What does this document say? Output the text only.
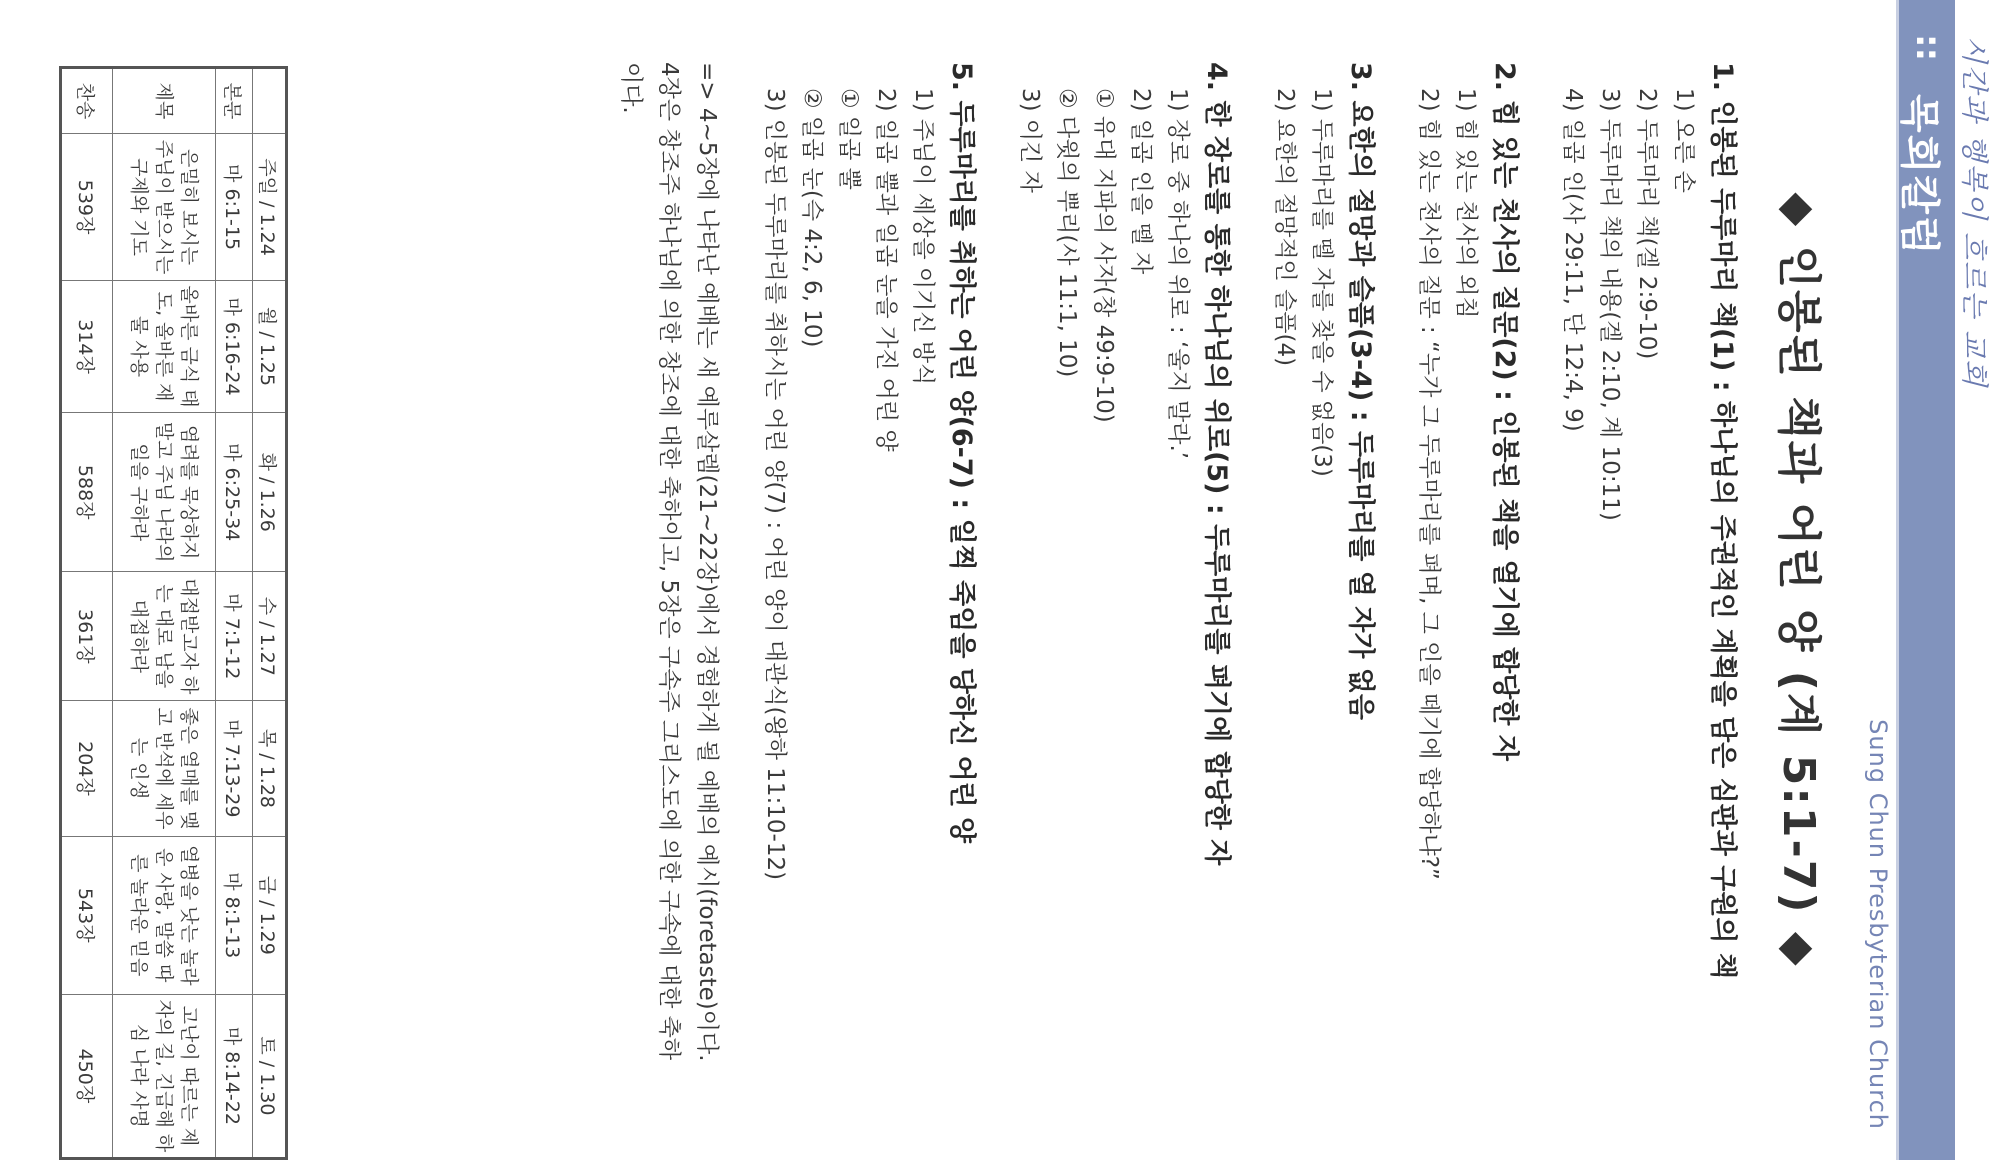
시간과 행복이 흐르는 교회
::
목회칼럼
Sung Chun Presbyterian Church
◆ 인봉된 책과 어린 양 (계 5:1-7) ◆
1. 인봉된 두루마리 책(1) : 하나님의 주권적인 계획을 담은 심판과 구원의 책
1) 오른 손
2) 두루마리 책(겔 2:9-10)
3) 두루마리 책의 내용(겔 2:10, 계 10:11)
4) 일곱 인(사 29:11, 단 12:4, 9)
2. 힘 있는 천사의 질문(2) : 인봉된 책을 열기에 합당한 자
1) 힘 있는 천사의 외침
2) 힘 있는 천사의 질문 : “누가 그 두루마리를 펴며, 그 인을 떼기에 합당하냐?”
3. 요한의 절망과 슬픔(3-4) : 두루마리를 열 자가 없음
1) 두루마리를 뗄 자를 찾을 수 없음(3)
2) 요한의 절망적인 슬픔(4)
4. 한 장로를 통한 하나님의 위로(5) : 두루마리를 펴기에 합당한 자
1) 장로 중 하나의 위로 : ‘울지 말라.’
2) 일곱 인을 뗄 자
① 유대 지파의 사자(창 49:9-10)
② 다윗의 뿌리(사 11:1, 10)
3) 이긴 자
5. 두루마리를 취하는 어린 양(6-7) : 일찍 죽임을 당하신 어린 양
1) 주님이 세상을 이기신 방식
2) 일곱 뿔과 일곱 눈을 가진 어린 양
① 일곱 뿔
② 일곱 눈(슥 4:2, 6, 10)
3) 인봉된 두루마리를 취하시는 어린 양(7) : 어린 양이 대관식(왕하 11:10-12)
=> 4~5장에 나타난 예배는 새 예루살렘(21~22장)에서 경험하게 될 예배의 예시(foretaste)이다. 4장은 창조주 하나님에 의한 창조에 대한 축하이고, 5장은 구속주 그리스도에 의한 구속에 대한 축하이다.
	주일 / 1.24	월 / 1.25	화 / 1.26	수 / 1.27	목 / 1.28	금 / 1.29	토 / 1.30
본문	마 6:1-15	마 6:16-24	마 6:25-34	마 7:1-12	마 7:13-29	마 8:1-13	마 8:14-22
제목	은밀히 보시는 주님이 받으시는 구제와 기도	올바른 금식 태도, 올바른 재물 사용	염려를 묵상하지 말고 주님 나라의 일을 구하라	대접받고자 하는 대로 남을 대접하라	좋은 열매를 맺고 반석에 세우는 인생	열병을 낫는 놀라운 사랑, 말씀 따른 놀라운 믿음	고난이 따르는 제자의 길, 긴급해 하심 나라 사명
찬송	539장	314장	588장	361장	204장	543장	450장
